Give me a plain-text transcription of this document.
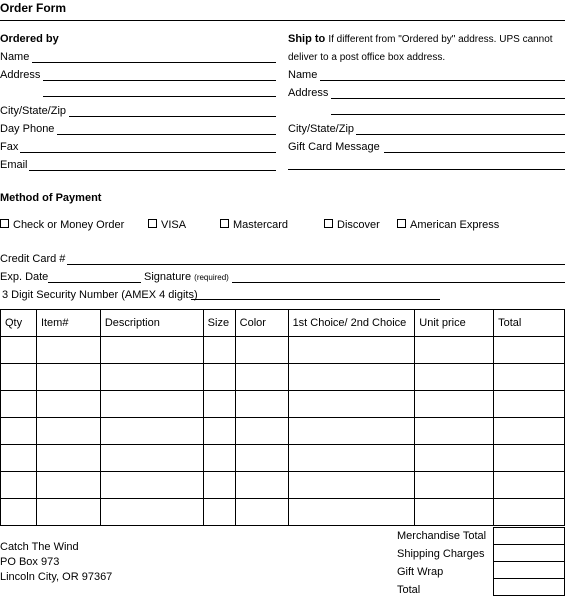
Order Form
Ordered by
Name
Address
City/State/Zip
Day Phone
Fax
Email
Ship to If different from "Ordered by" address. UPS cannot
deliver to a post office box address.
Name
Address
City/State/Zip
Gift Card Message
Method of Payment
Check or Money Order	VISA	Mastercard	Discover	American Express
Credit Card #
Exp. Date	Signature (required)
3 Digit Security Number (AMEX 4 digits)
Qty	Item#	Description	Size	Color	1st Choice/ 2nd Choice	Unit price	Total

Catch The Wind
PO Box 973
Lincoln City, OR 97367
Merchandise Total
Shipping Charges
Gift Wrap
Total
